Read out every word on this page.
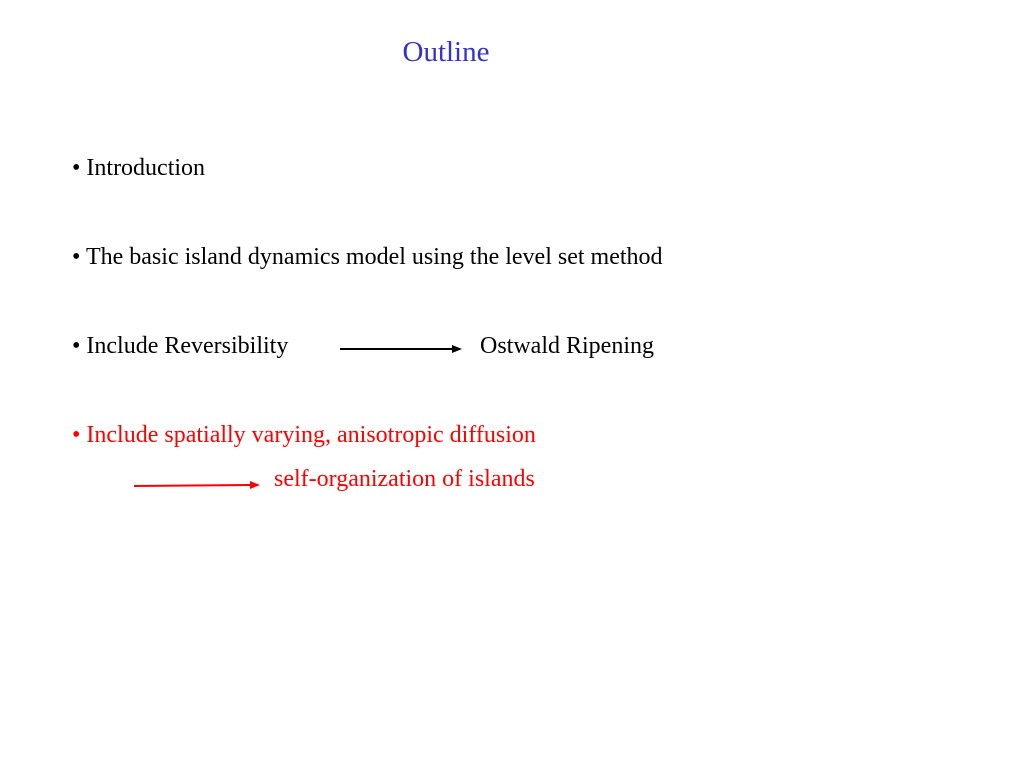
Outline
• Introduction
• The basic island dynamics model using the level set method
• Include Reversibility	Ostwald Ripening
• Include spatially varying, anisotropic diffusion
self-organization of islands
